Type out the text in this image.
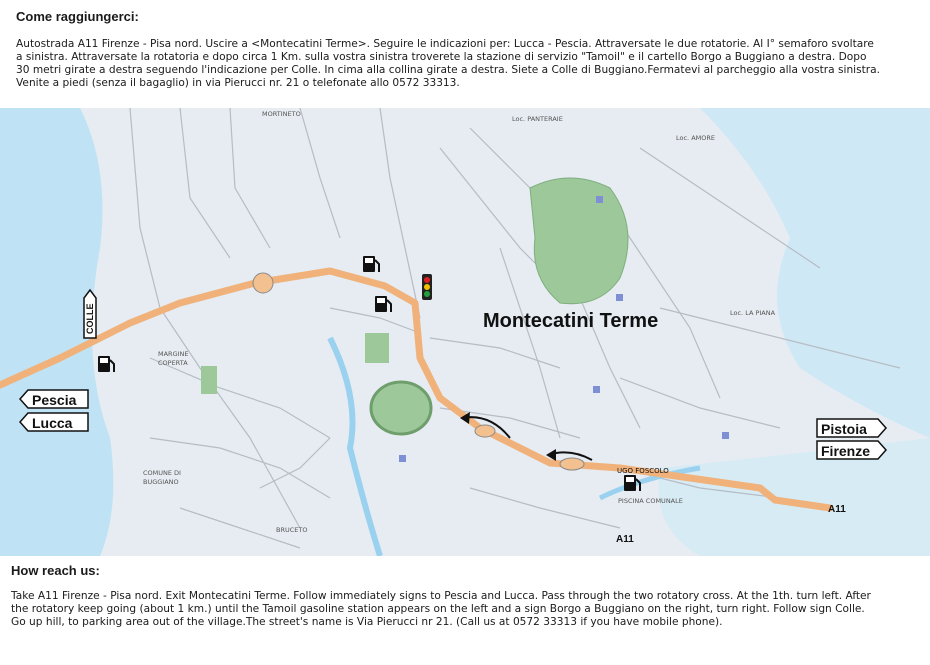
Come raggiungerci:
Autostrada A11 Firenze - Pisa nord. Uscire a <Montecatini Terme>. Seguire le indicazioni per: Lucca - Pescia. Attraversate le due rotatorie. Al I° semaforo svoltare
a sinistra. Attraversate la rotatoria e dopo circa 1 Km. sulla vostra sinistra troverete la stazione di servizio "Tamoil" e il cartello Borgo a Buggiano a destra. Dopo
30 metri girate a destra seguendo l'indicazione per Colle. In cima alla collina girate a destra. Siete a Colle di Buggiano.Fermatevi al parcheggio alla vostra sinistra.
Venite a piedi (senza il bagaglio) in via Pierucci nr. 21 o telefonate allo 0572 33313.
COLLE
Pescia
Lucca	Pistoia
Firenze
Montecatini Terme
A11
A11
MARGINE
COPERTA
COMUNE DI
BUGGIANO
BRUCETO
MORTINETO
Loc. PANTERAIE
Loc. AMORE
Loc. LA PIANA
PISCINA COMUNALE
UGO FOSCOLO
How reach us:
Take A11 Firenze - Pisa nord. Exit Montecatini Terme. Follow immediately signs to Pescia and Lucca. Pass through the two rotatory cross. At the 1th. turn left. After
the rotatory keep going (about 1 km.) until the Tamoil gasoline station appears on the left and a sign Borgo a Buggiano on the right, turn right. Follow sign Colle.
Go up hill, to parking area out of the village.The street's name is Via Pierucci nr 21. (Call us at 0572 33313 if you have mobile phone).
